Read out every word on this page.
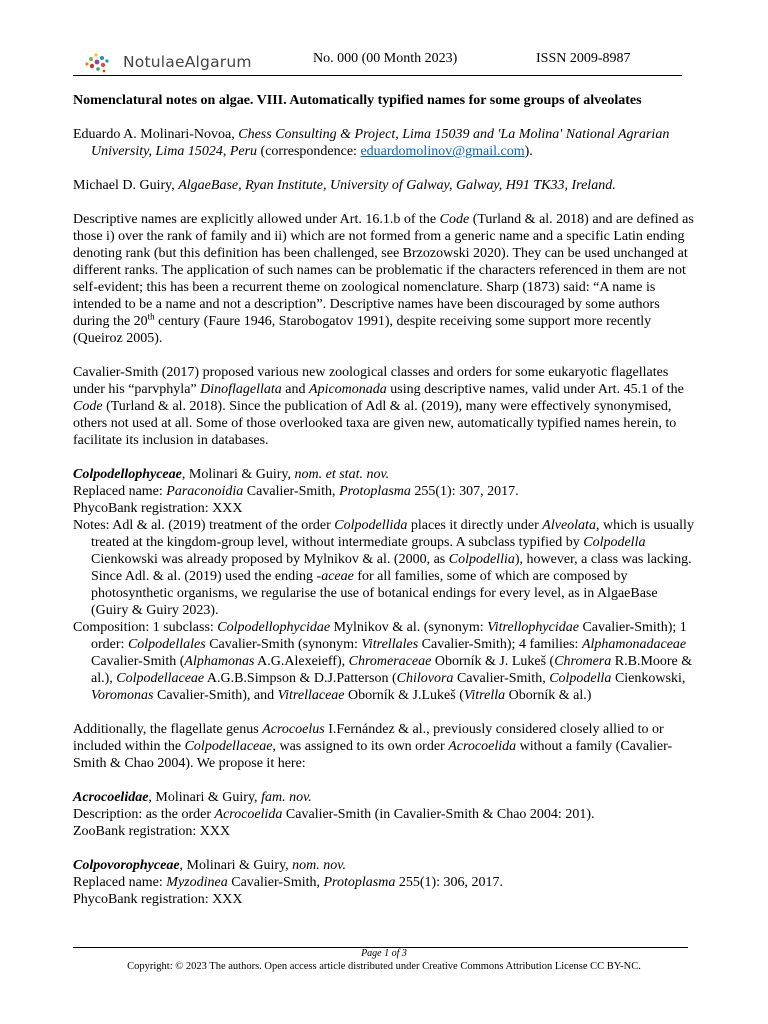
NotulaeAlgarum	No. 000 (00 Month 2023)	ISSN 2009-8987

Nomenclatural notes on algae. VIII. Automatically typified names for some groups of alveolates

Eduardo A. Molinari-Novoa, Chess Consulting & Project, Lima 15039 and 'La Molina' National Agrarian University, Lima 15024, Peru (correspondence: eduardomolinov@gmail.com).

Michael D. Guiry, AlgaeBase, Ryan Institute, University of Galway, Galway, H91 TK33, Ireland.

Descriptive names are explicitly allowed under Art. 16.1.b of the Code (Turland & al. 2018) and are defined as those i) over the rank of family and ii) which are not formed from a generic name and a specific Latin ending denoting rank (but this definition has been challenged, see Brzozowski 2020). They can be used unchanged at different ranks. The application of such names can be problematic if the characters referenced in them are not self-evident; this has been a recurrent theme on zoological nomenclature. Sharp (1873) said: “A name is intended to be a name and not a description”. Descriptive names have been discouraged by some authors during the 20th century (Faure 1946, Starobogatov 1991), despite receiving some support more recently (Queiroz 2005).

Cavalier-Smith (2017) proposed various new zoological classes and orders for some eukaryotic flagellates under his “parvphyla” Dinoflagellata and Apicomonada using descriptive names, valid under Art. 45.1 of the Code (Turland & al. 2018). Since the publication of Adl & al. (2019), many were effectively synonymised, others not used at all. Some of those overlooked taxa are given new, automatically typified names herein, to facilitate its inclusion in databases.

Colpodellophyceae, Molinari & Guiry, nom. et stat. nov.

Replaced name: Paraconoidia Cavalier-Smith, Protoplasma 255(1): 307, 2017.

PhycoBank registration: XXX

Notes: Adl & al. (2019) treatment of the order Colpodellida places it directly under Alveolata, which is usually treated at the kingdom-group level, without intermediate groups. A subclass typified by Colpodella Cienkowski was already proposed by Mylnikov & al. (2000, as Colpodellia), however, a class was lacking. Since Adl. & al. (2019) used the ending -aceae for all families, some of which are composed by photosynthetic organisms, we regularise the use of botanical endings for every level, as in AlgaeBase (Guiry & Guiry 2023).

Composition: 1 subclass: Colpodellophycidae Mylnikov & al. (synonym: Vitrellophycidae Cavalier-Smith); 1 order: Colpodellales Cavalier-Smith (synonym: Vitrellales Cavalier-Smith); 4 families: Alphamonadaceae Cavalier-Smith (Alphamonas A.G.Alexeieff), Chromeraceae Oborník & J. Lukeš (Chromera R.B.Moore & al.), Colpodellaceae A.G.B.Simpson & D.J.Patterson (Chilovora Cavalier-Smith, Colpodella Cienkowski, Voromonas Cavalier-Smith), and Vitrellaceae Oborník & J.Lukeš (Vitrella Oborník & al.)

Additionally, the flagellate genus Acrocoelus I.Fernández & al., previously considered closely allied to or included within the Colpodellaceae, was assigned to its own order Acrocoelida without a family (Cavalier-Smith & Chao 2004). We propose it here:

Acrocoelidae, Molinari & Guiry, fam. nov.

Description: as the order Acrocoelida Cavalier-Smith (in Cavalier-Smith & Chao 2004: 201).

ZooBank registration: XXX

Colpovorophyceae, Molinari & Guiry, nom. nov.

Replaced name: Myzodinea Cavalier-Smith, Protoplasma 255(1): 306, 2017.

PhycoBank registration: XXX

Page 1 of 3
Copyright: © 2023 The authors. Open access article distributed under Creative Commons Attribution License CC BY-NC.
